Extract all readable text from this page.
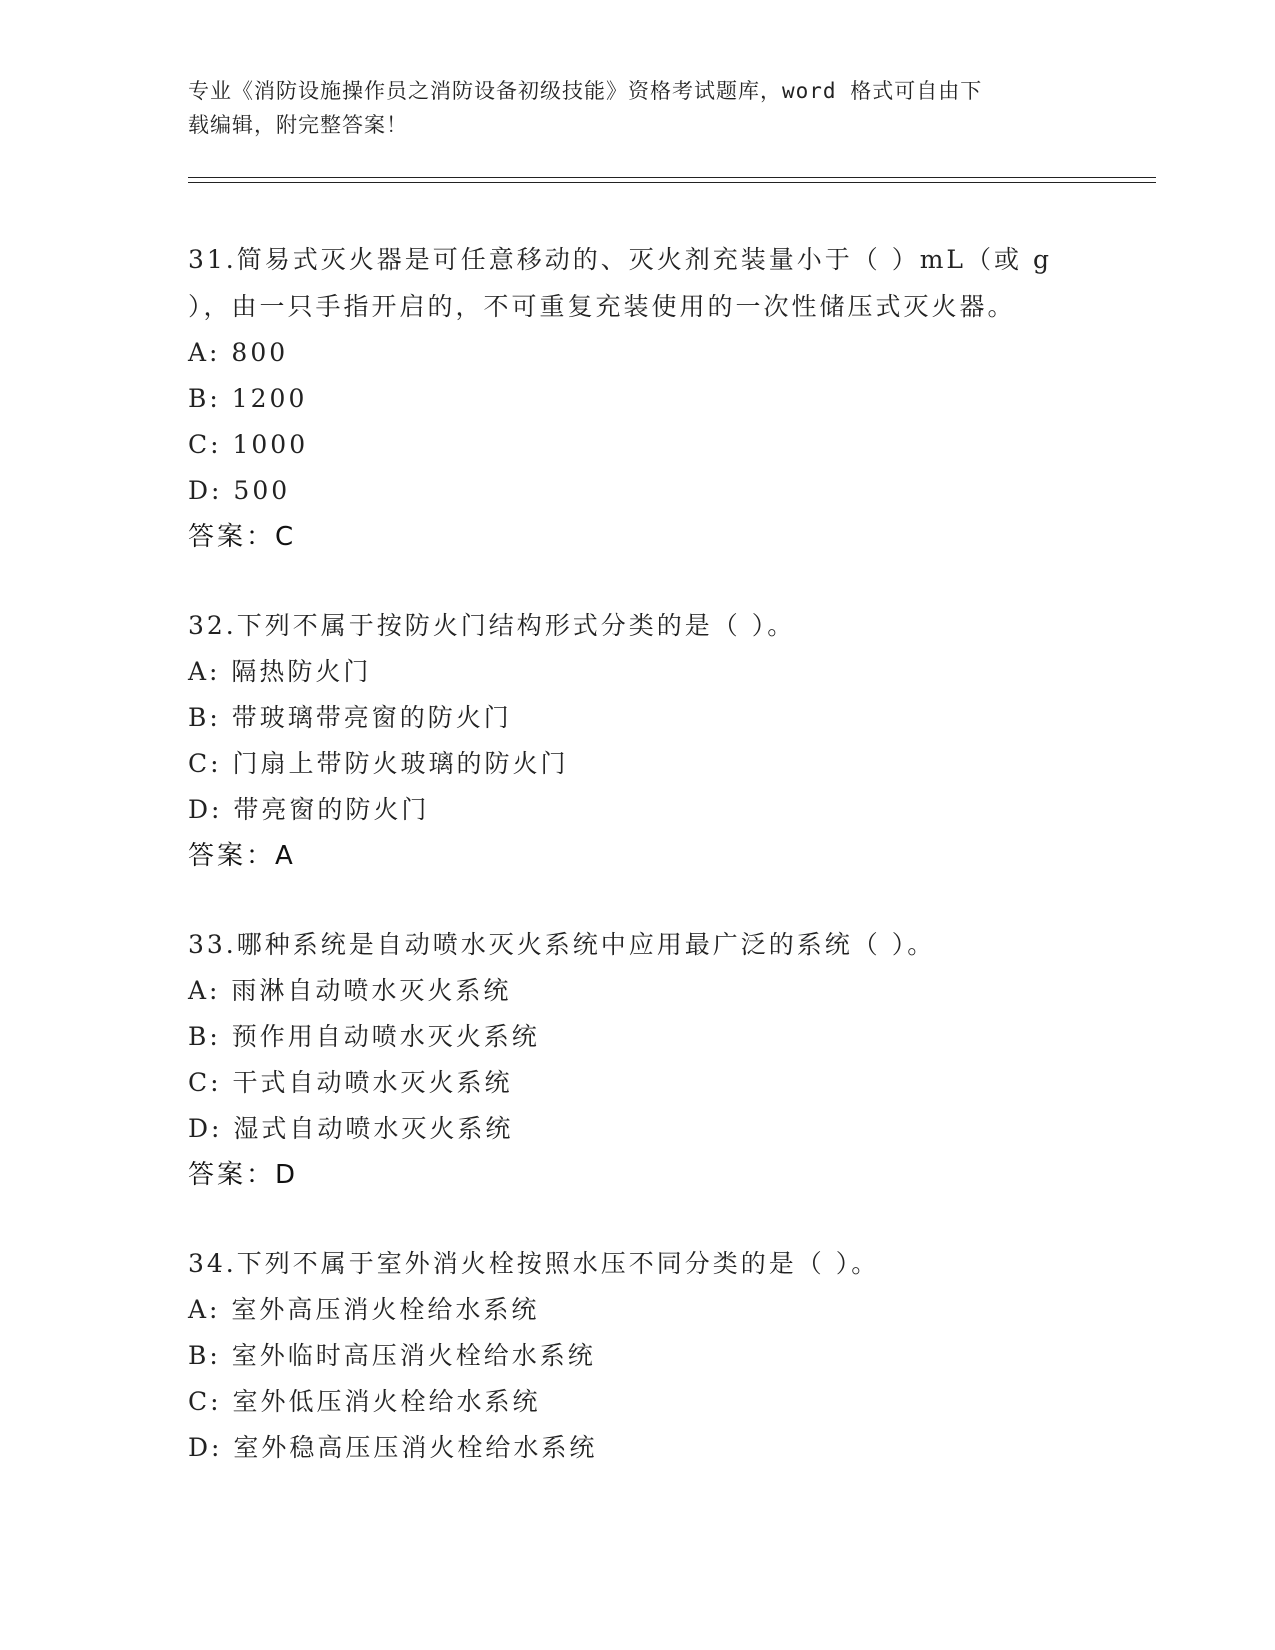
专业《消防设施操作员之消防设备初级技能》资格考试题库，word 格式可自由下
载编辑，附完整答案！

31.简易式灭火器是可任意移动的、灭火剂充装量小于（ ）mL（或 g

），由一只手指开启的，不可重复充装使用的一次性储压式灭火器。

A: 800

B: 1200

C: 1000

D: 500

答案：C

32.下列不属于按防火门结构形式分类的是（ ）。

A: 隔热防火门

B: 带玻璃带亮窗的防火门

C: 门扇上带防火玻璃的防火门

D: 带亮窗的防火门

答案：A

33.哪种系统是自动喷水灭火系统中应用最广泛的系统（ ）。

A: 雨淋自动喷水灭火系统

B: 预作用自动喷水灭火系统

C: 干式自动喷水灭火系统

D: 湿式自动喷水灭火系统

答案：D

34.下列不属于室外消火栓按照水压不同分类的是（ ）。

A: 室外高压消火栓给水系统

B: 室外临时高压消火栓给水系统

C: 室外低压消火栓给水系统

D: 室外稳高压压消火栓给水系统
